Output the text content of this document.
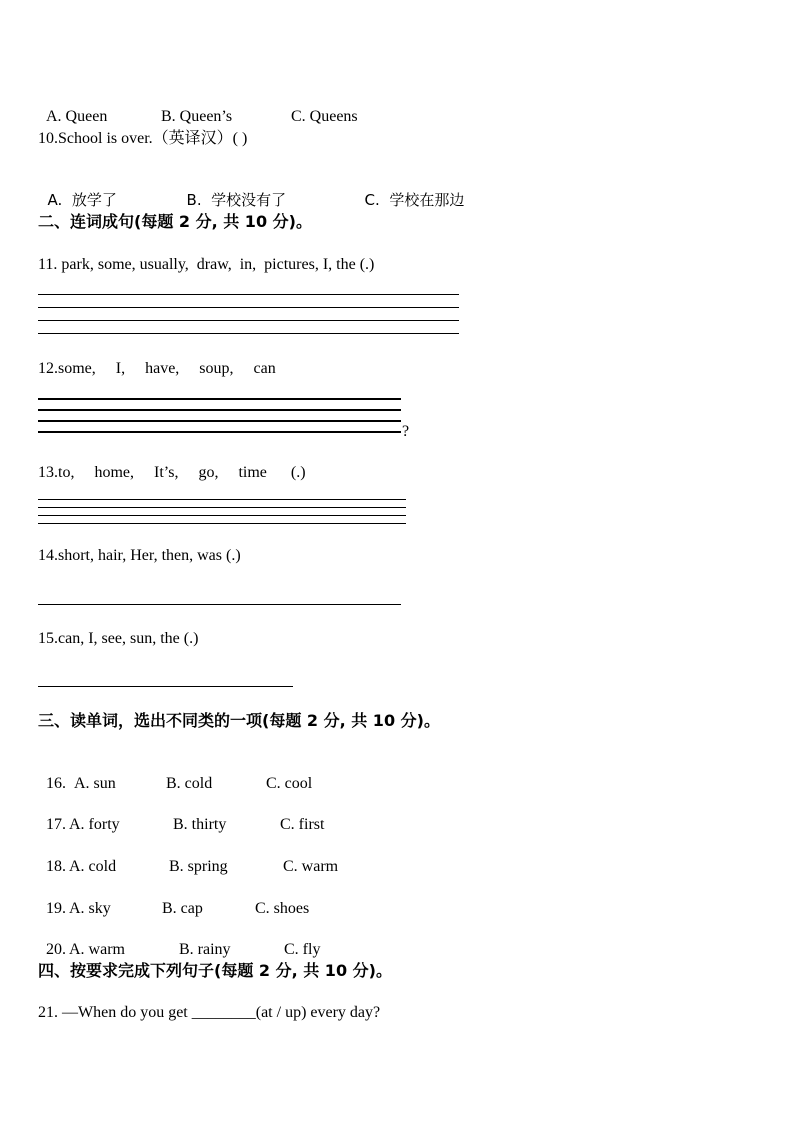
A. Queen	B. Queen’s	C. Queens

10.School is over.（英译汉）( )

A.  放学了	B.  学校没有了	C.  学校在那边

二、连词成句(每题 2 分, 共 10 分)。
11. park, some, usually,  draw,  in,  pictures, I, the (.)
12.some,     I,     have,     soup,     can
?
13.to,     home,     It’s,     go,     time      (.)
14.short, hair, Her, then, was (.)
15.can, I, see, sun, the (.)
三、读单词，选出不同类的一项(每题 2 分, 共 10 分)。

16. A. sun	B. cold	C. cool

17. A. forty	B. thirty	C. first

18. A. cold	B. spring	C. warm

19. A. sky	B. cap	C. shoes

20. A. warm	B. rainy	C. fly

四、按要求完成下列句子(每题 2 分, 共 10 分)。
21. —When do you get ________(at / up) every day?
